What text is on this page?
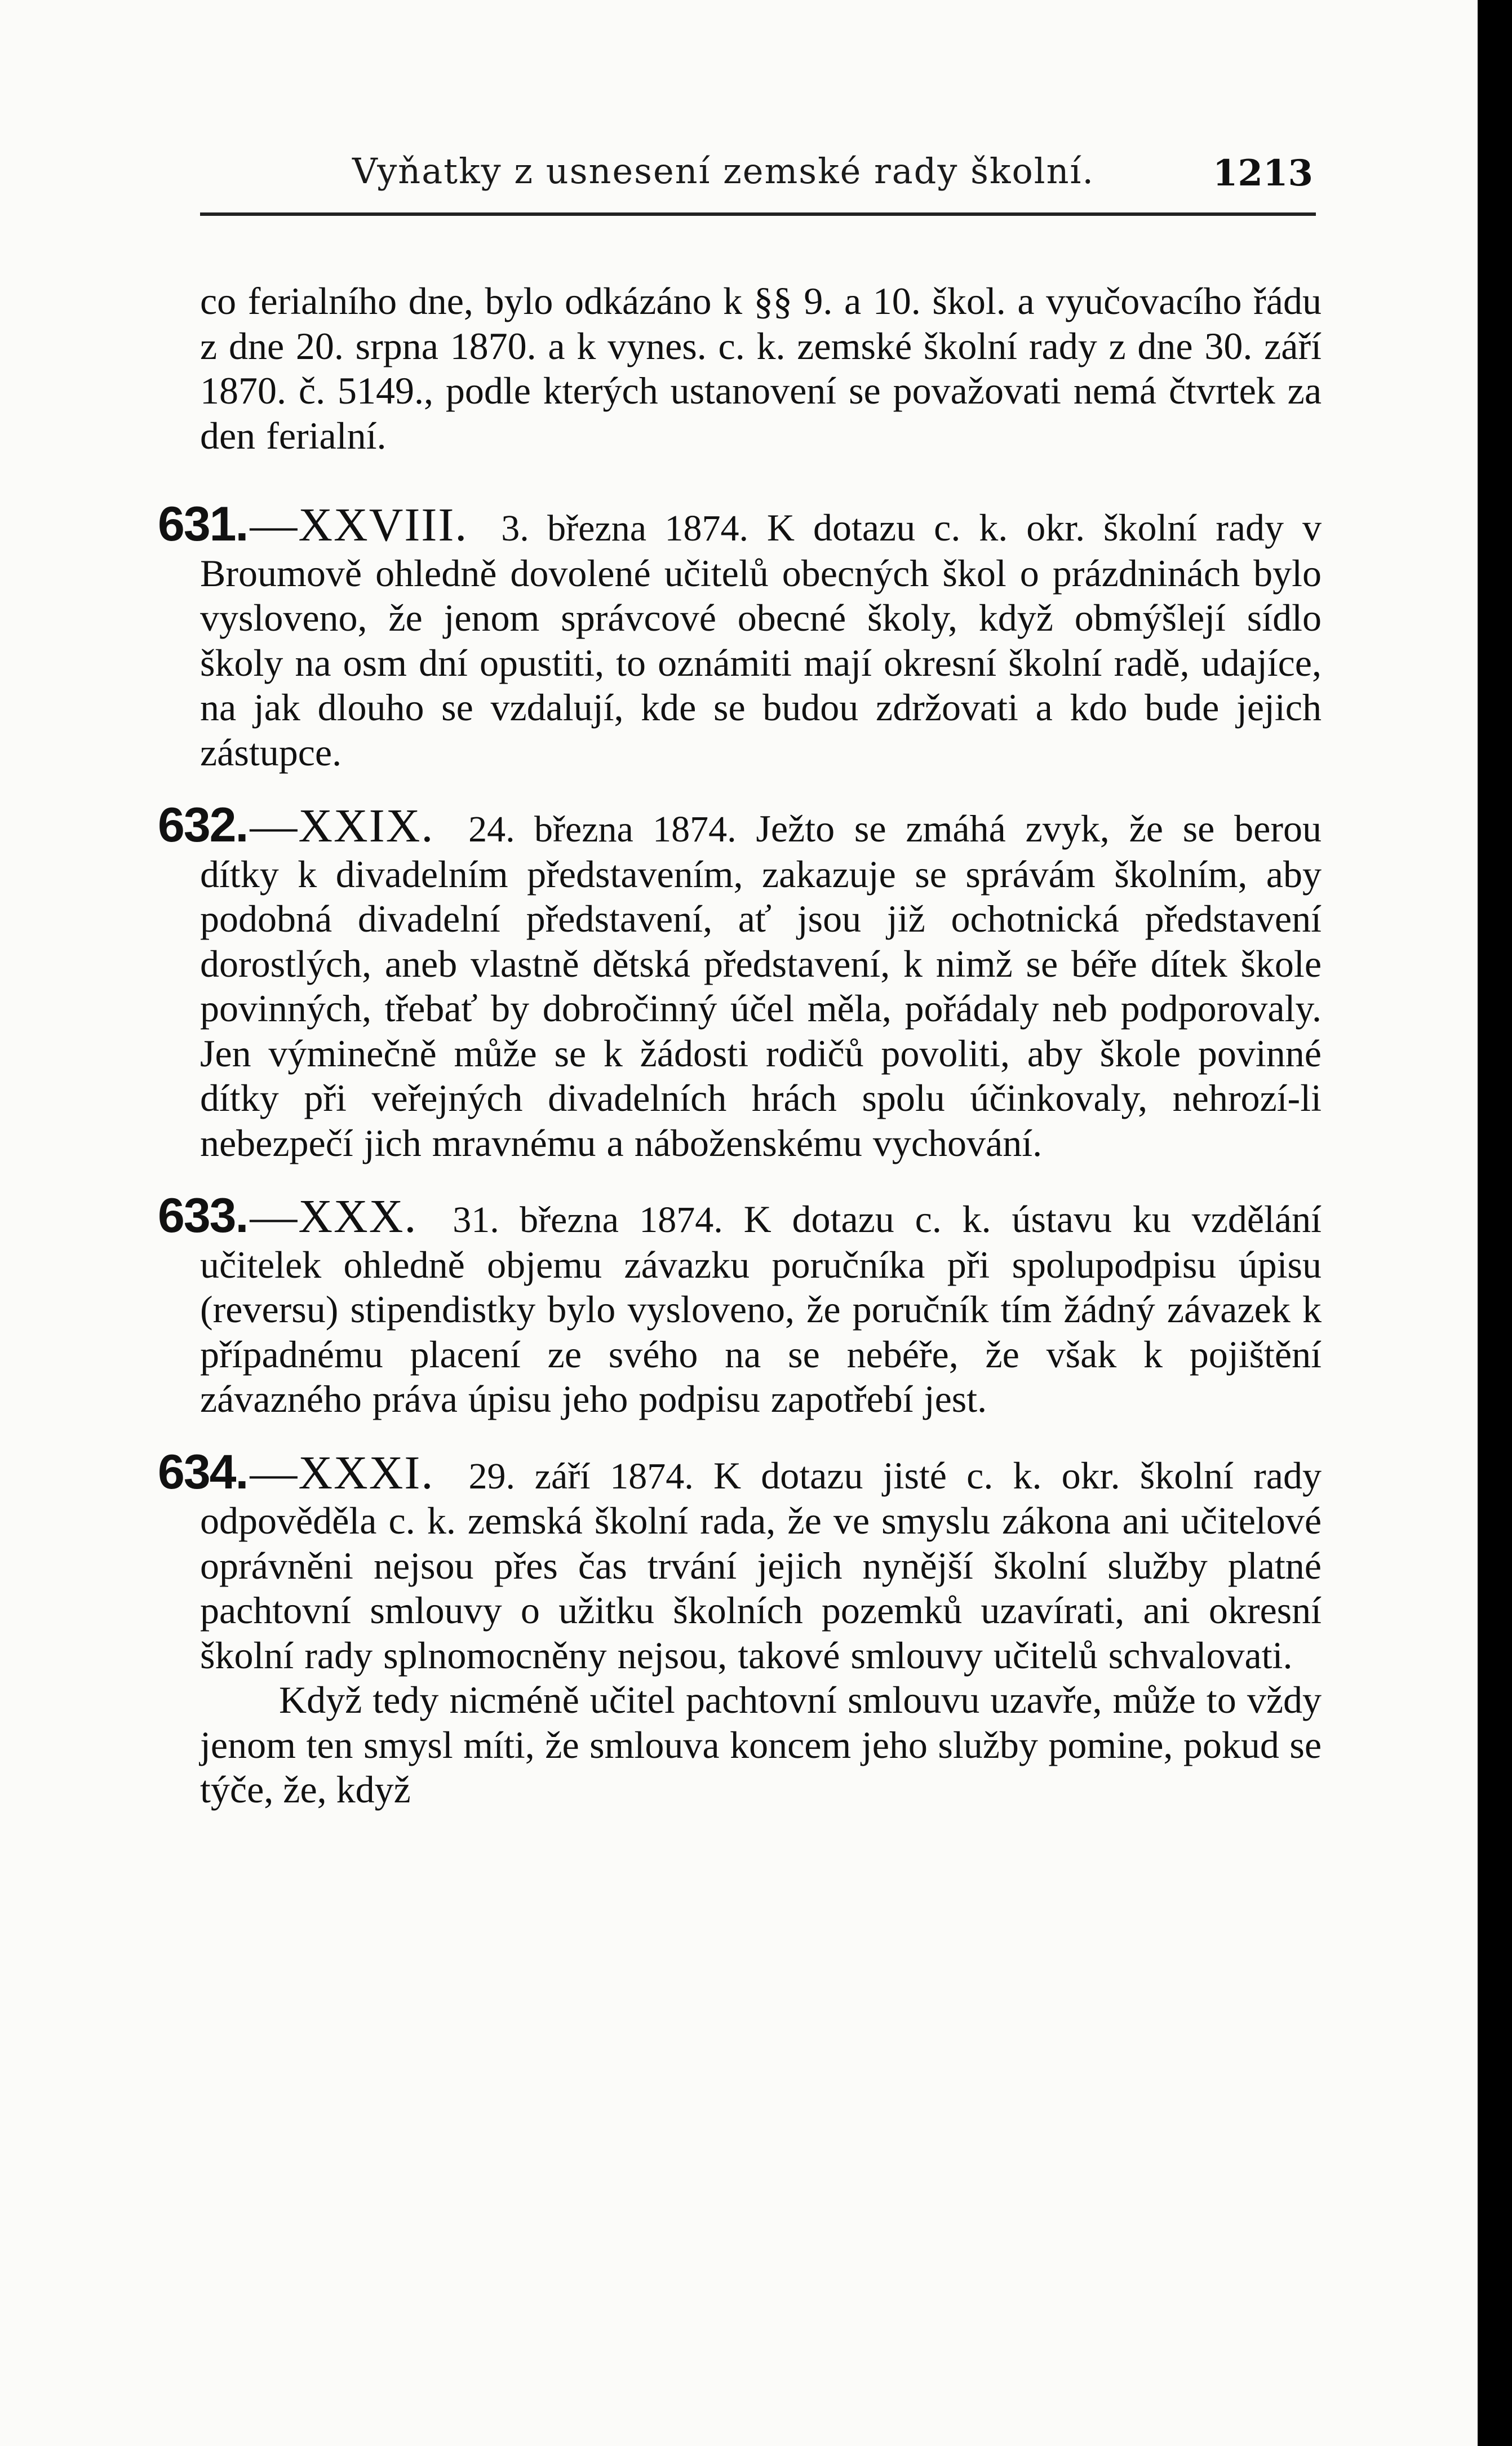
Vyňatky z usnesení zemské rady školní.	1213

co ferialního dne, bylo odkázáno k §§ 9. a 10. škol. a vyučovacího řádu z dne 20. srpna 1870. a k vynes. c. k. zemské školní rady z dne 30. září 1870. č. 5149., podle kterých ustanovení se považovati nemá čtvrtek za den ferialní.

631.—XXVIII. 3. března 1874. K dotazu c. k. okr. školní rady v Broumově ohledně dovolené učitelů obecných škol o prázdninách bylo vysloveno, že jenom správcové obecné školy, když obmýšlejí sídlo školy na osm dní opustiti, to oznámiti mají okresní školní radě, udajíce, na jak dlouho se vzdalují, kde se budou zdržovati a kdo bude jejich zástupce.

632.—XXIX. 24. března 1874. Ježto se zmáhá zvyk, že se berou dítky k divadelním představením, zakazuje se správám školním, aby podobná divadelní představení, ať jsou již ochotnická představení dorostlých, aneb vlastně dětská představení, k nimž se béře dítek škole povinných, třebať by dobročinný účel měla, pořádaly neb podporovaly. Jen výminečně může se k žádosti rodičů povoliti, aby škole povinné dítky při veřejných divadelních hrách spolu účinkovaly, nehrozí-li nebezpečí jich mravnému a náboženskému vychování.

633.—XXX. 31. března 1874. K dotazu c. k. ústavu ku vzdělání učitelek ohledně objemu závazku poručníka při spolupodpisu úpisu (reversu) stipendistky bylo vysloveno, že poručník tím žádný závazek k případnému placení ze svého na se nebéře, že však k pojištění závazného práva úpisu jeho podpisu zapotřebí jest.

634.—XXXI. 29. září 1874. K dotazu jisté c. k. okr. školní rady odpověděla c. k. zemská školní rada, že ve smyslu zákona ani učitelové oprávněni nejsou přes čas trvání jejich nynější školní služby platné pachtovní smlouvy o užitku školních pozemků uzavírati, ani okresní školní rady splnomocněny nejsou, takové smlouvy učitelů schvalovati.

Když tedy nicméně učitel pachtovní smlouvu uzavře, může to vždy jenom ten smysl míti, že smlouva koncem jeho služby pomine, pokud se týče, že, když
